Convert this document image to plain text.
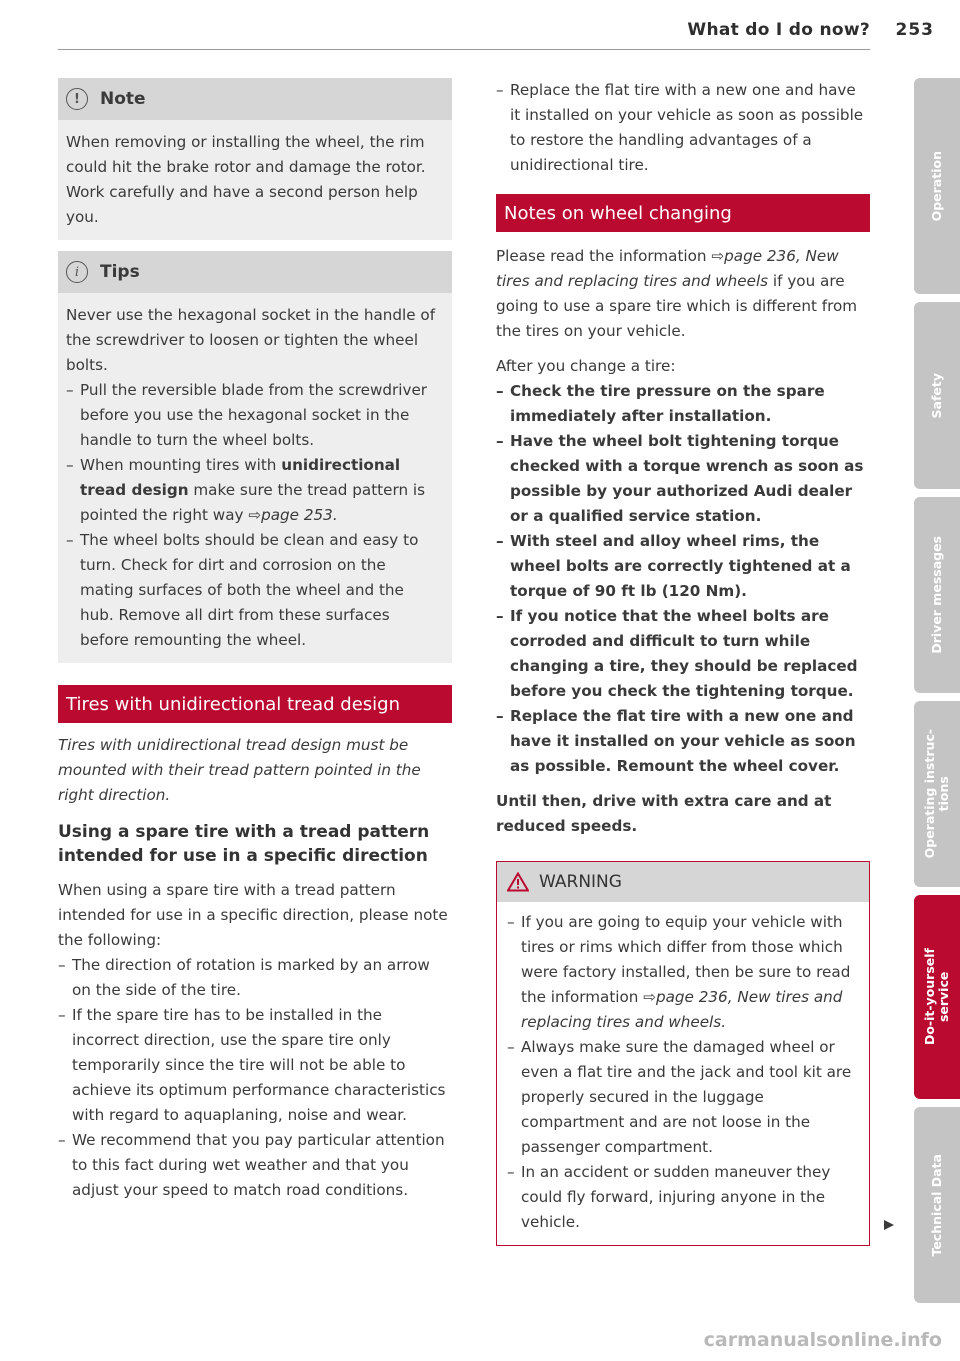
What do I do now? 253
!	Note

When removing or installing the wheel, the rim could hit the brake rotor and damage the rotor. Work carefully and have a second person help you.

i	Tips

Never use the hexagonal socket in the handle of the screwdriver to loosen or tighten the wheel bolts.

– Pull the reversible blade from the screwdriver before you use the hexagonal socket in the handle to turn the wheel bolts.
– When mounting tires with unidirectional tread design make sure the tread pattern is pointed the right way ⇨page 253.
– The wheel bolts should be clean and easy to turn. Check for dirt and corrosion on the mating surfaces of both the wheel and the hub. Remove all dirt from these surfaces before remounting the wheel.
Tires with unidirectional tread design

Tires with unidirectional tread design must be mounted with their tread pattern pointed in the right direction.

Using a spare tire with a tread pattern intended for use in a specific direction

When using a spare tire with a tread pattern intended for use in a specific direction, please note the following:

– The direction of rotation is marked by an arrow on the side of the tire.
– If the spare tire has to be installed in the incorrect direction, use the spare tire only temporarily since the tire will not be able to achieve its optimum performance characteristics with regard to aquaplaning, noise and wear.
– We recommend that you pay particular attention to this fact during wet weather and that you adjust your speed to match road conditions.
– Replace the flat tire with a new one and have it installed on your vehicle as soon as possible to restore the handling advantages of a unidirectional tire.
Notes on wheel changing

Please read the information ⇨page 236, New tires and replacing tires and wheels if you are going to use a spare tire which is different from the tires on your vehicle.

After you change a tire:

– Check the tire pressure on the spare immediately after installation.
– Have the wheel bolt tightening torque checked with a torque wrench as soon as possible by your authorized Audi dealer or a qualified service station.
– With steel and alloy wheel rims, the wheel bolts are correctly tightened at a torque of 90 ft lb (120 Nm).
– If you notice that the wheel bolts are corroded and difficult to turn while changing a tire, they should be replaced before you check the tightening torque.
– Replace the flat tire with a new one and have it installed on your vehicle as soon as possible. Remount the wheel cover.

Until then, drive with extra care and at reduced speeds.

WARNING
– If you are going to equip your vehicle with tires or rims which differ from those which were factory installed, then be sure to read the information ⇨page 236, New tires and replacing tires and wheels.
– Always make sure the damaged wheel or even a flat tire and the jack and tool kit are properly secured in the luggage compartment and are not loose in the passenger compartment.
– In an accident or sudden maneuver they could fly forward, injuring anyone in the vehicle.
Operation
Safety
Driver messages
Operating instruc-
tions
Do-it-yourself
service
Technical Data
carmanualsonline.info
